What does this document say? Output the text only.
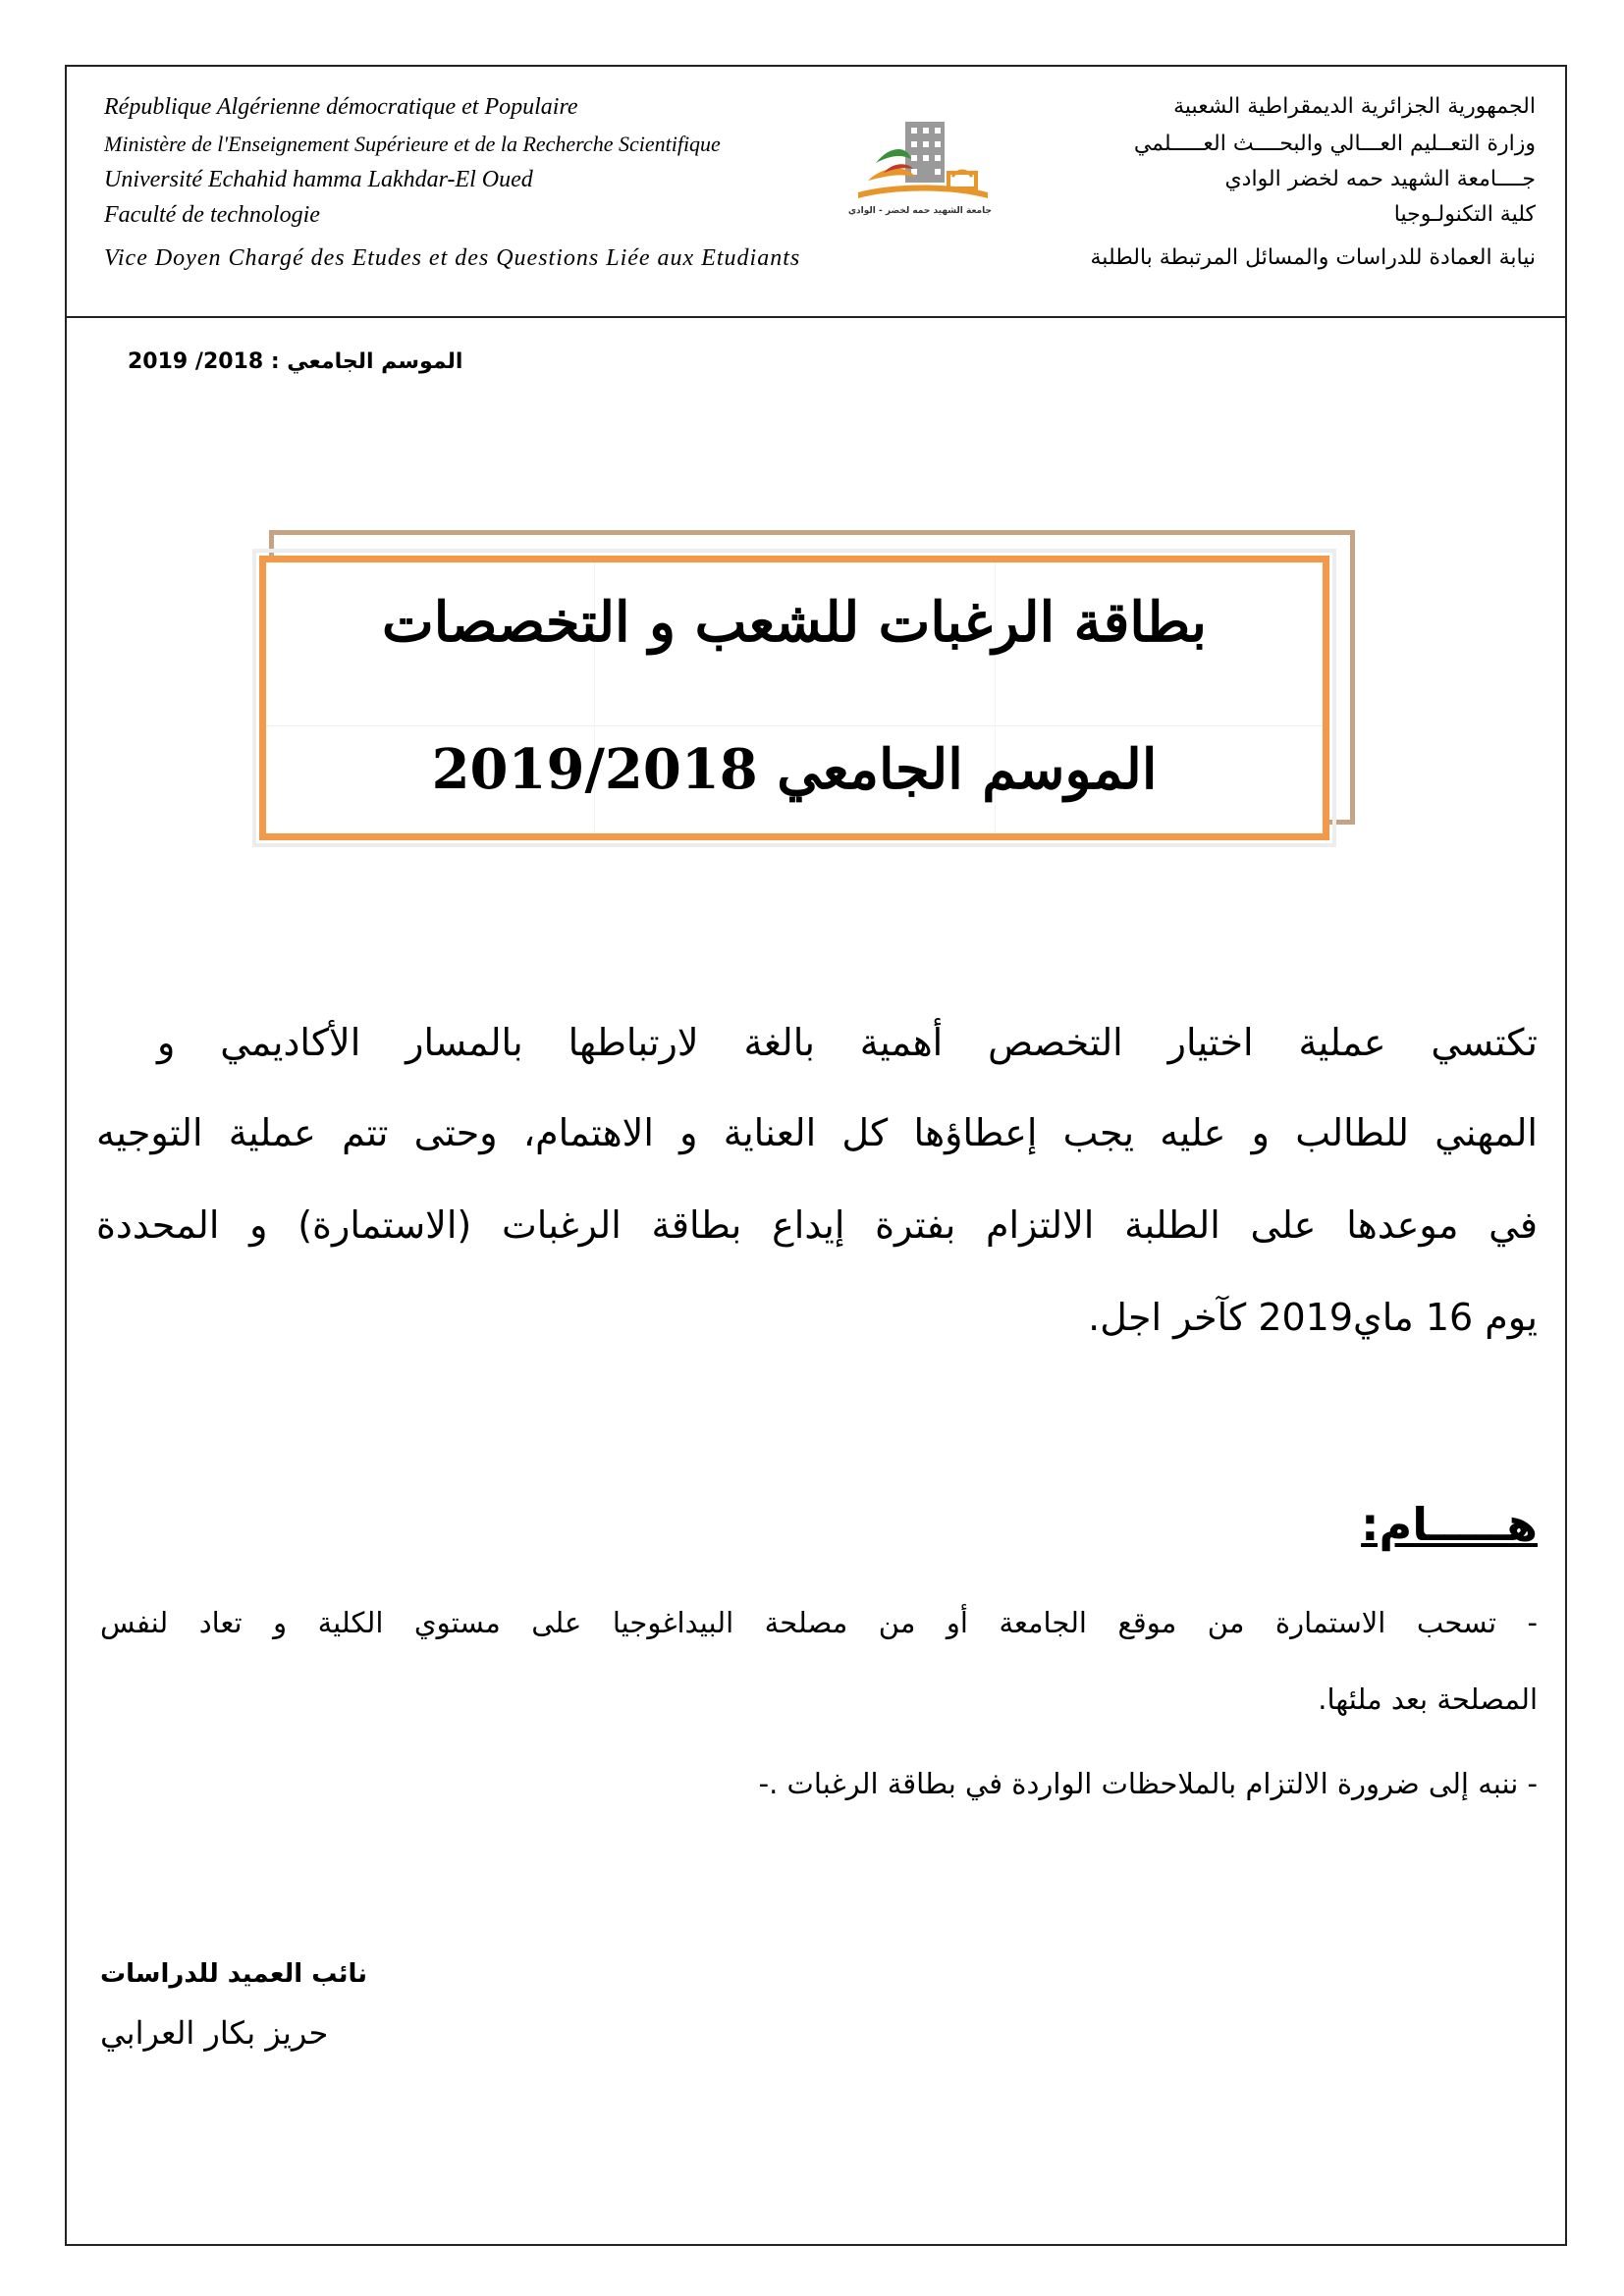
République Algérienne démocratique et Populaire
Ministère de l'Enseignement Supérieure et de la Recherche Scientifique
Université Echahid hamma Lakhdar-El Oued
Faculté de technologie
Vice Doyen Chargé des Etudes et des Questions Liée aux Etudiants
الجمهورية الجزائرية الديمقراطية الشعبية
وزارة التعــليم العـــالي والبحــــث العـــــلمي
جــــامعة الشهيد حمه لخضر الوادي
كلية التكنولـوجيا
نيابة العمادة للدراسات والمسائل المرتبطة بالطلبة
جامعة الشهيد حمه لخضر - الوادي
الموسم الجامعي : 2018/ 2019
بطاقة الرغبات للشعب و التخصصات
الموسم الجامعي 2019/2018
تكتسي عملية اختيار التخصص أهمية بالغة لارتباطها بالمسار الأكاديمي و
المهني للطالب و عليه يجب إعطاؤها كل العناية و الاهتمام، وحتى تتم عملية التوجيه
في موعدها على الطلبة الالتزام بفترة إيداع بطاقة الرغبات (الاستمارة) و المحددة
يوم 16 ماي2019 كآخر اجل.
هـــــام:
- تسحب الاستمارة من موقع الجامعة أو من مصلحة البيداغوجيا على مستوي الكلية و تعاد لنفس
المصلحة بعد ملئها.
- ننبه إلى ضرورة الالتزام بالملاحظات الواردة في بطاقة الرغبات .-
نائب العميد للدراسات
حريز بكار العرابي
